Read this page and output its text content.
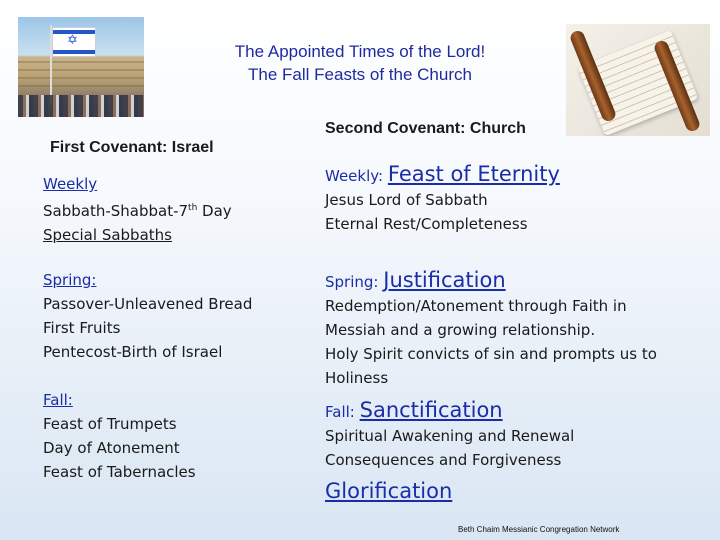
The Appointed Times of the Lord!
The Fall Feasts of the Church
✡
First Covenant: Israel
Second Covenant: Church
Weekly
Sabbath-Shabbat-7th Day
Special Sabbaths
Spring:
Passover-Unleavened Bread
First Fruits
Pentecost-Birth of Israel
Fall:
Feast of Trumpets
Day of Atonement
Feast of Tabernacles
Weekly: Feast of Eternity
Jesus Lord of Sabbath
Eternal Rest/Completeness
Spring: Justification
Redemption/Atonement through Faith in
Messiah and a growing relationship.
Holy Spirit convicts of sin and prompts us to
Holiness
Fall: Sanctification
Spiritual Awakening and Renewal
Consequences and Forgiveness
Glorification
Beth Chaim Messianic Congregation Network
